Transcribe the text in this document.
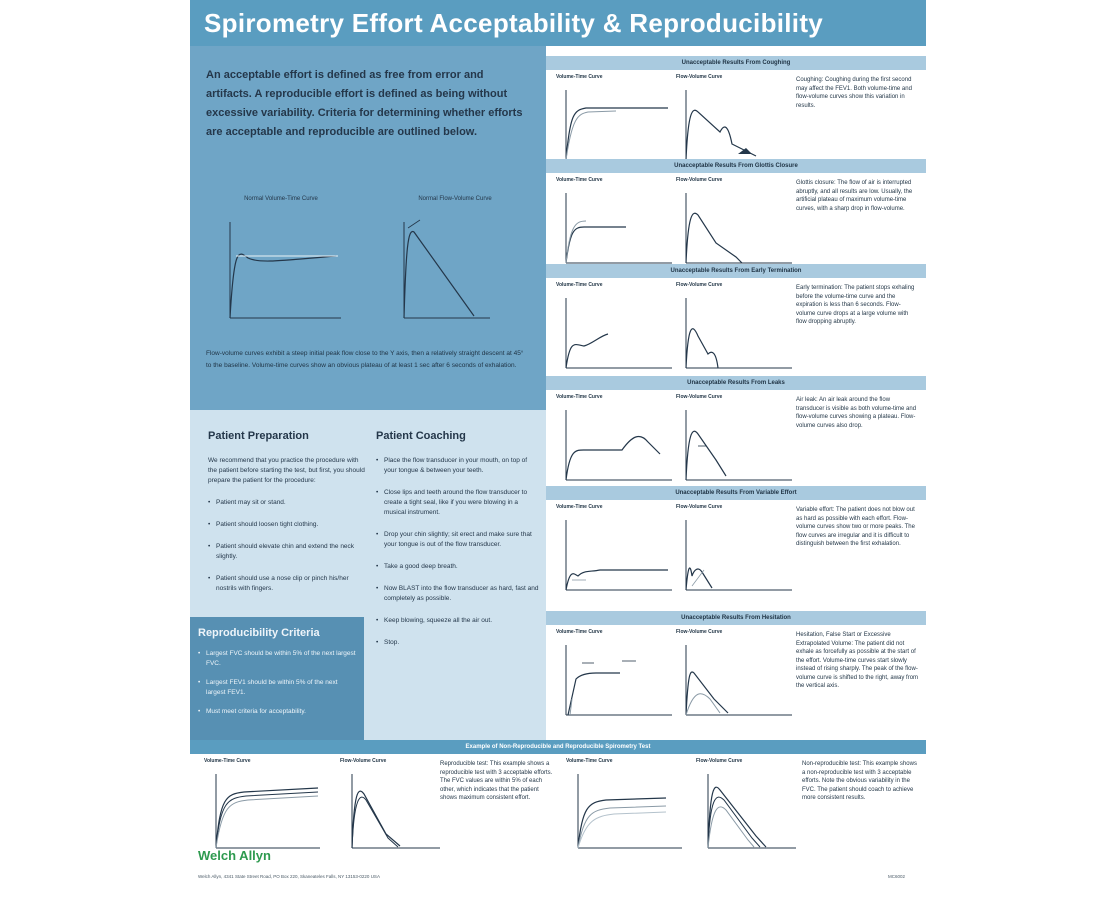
Spirometry Effort Acceptability & Reproducibility

An acceptable effort is defined as free from error and artifacts. A reproducible effort is defined as being without excessive variability. Criteria for determining whether efforts are acceptable and reproducible are outlined below.

Normal Volume-Time Curve	Normal Flow-Volume Curve

Flow-volume curves exhibit a steep initial peak flow close to the Y axis, then a relatively straight descent at 45° to the baseline. Volume-time curves show an obvious plateau of at least 1 sec after 6 seconds of exhalation.

Patient Preparation

We recommend that you practice the procedure with the patient before starting the test, but first, you should prepare the patient for the procedure:

• Patient may sit or stand.
• Patient should loosen tight clothing.
• Patient should elevate chin and extend the neck slightly.
• Patient should use a nose clip or pinch his/her nostrils with fingers.
Patient Coaching
• Place the flow transducer in your mouth, on top of your tongue & between your teeth.
• Close lips and teeth around the flow transducer to create a tight seal, like if you were blowing in a musical instrument.
• Drop your chin slightly; sit erect and make sure that your tongue is out of the flow transducer.
• Take a good deep breath.
• Now BLAST into the flow transducer as hard, fast and completely as possible.
• Keep blowing, squeeze all the air out.
• Stop.
Reproducibility Criteria
• Largest FVC should be within 5% of the next largest FVC.
• Largest FEV1 should be within 5% of the next largest FEV1.
• Must meet criteria for acceptability.
Unacceptable Results From Coughing
Volume-Time Curve	Flow-Volume Curve	Coughing: Coughing during the first second may affect the FEV1. Both volume-time and flow-volume curves show this variation in results.

Unacceptable Results From Glottis Closure
Volume-Time Curve	Flow-Volume Curve	Glottis closure: The flow of air is interrupted abruptly, and all results are low. Usually, the artificial plateau of maximum volume-time curves, with a sharp drop in flow-volume.

Unacceptable Results From Early Termination
Volume-Time Curve	Flow-Volume Curve	Early termination: The patient stops exhaling before the volume-time curve and the expiration is less than 6 seconds. Flow-volume curve drops at a large volume with flow dropping abruptly.

Unacceptable Results From Leaks
Volume-Time Curve	Flow-Volume Curve	Air leak: An air leak around the flow transducer is visible as both volume-time and flow-volume curves showing a plateau. Flow-volume curves also drop.

Unacceptable Results From Variable Effort
Volume-Time Curve	Flow-Volume Curve	Variable effort: The patient does not blow out as hard as possible with each effort. Flow-volume curves show two or more peaks. The flow curves are irregular and it is difficult to distinguish between the first exhalation.

Unacceptable Results From Hesitation
Volume-Time Curve	Flow-Volume Curve	Hesitation, False Start or Excessive Extrapolated Volume: The patient did not exhale as forcefully as possible at the start of the effort. Volume-time curves start slowly instead of rising sharply. The peak of the flow-volume curve is shifted to the right, away from the vertical axis.

Example of Non-Reproducible and Reproducible Spirometry Test
Volume-Time Curve	Flow-Volume Curve	Reproducible test: This example shows a reproducible test with 3 acceptable efforts. The FVC values are within 5% of each other, which indicates that the patient shows maximum consistent effort.

Volume-Time Curve	Flow-Volume Curve	Non-reproducible test: This example shows a non-reproducible test with 3 acceptable efforts. Note the obvious variability in the FVC. The patient should coach to achieve more consistent results.

Welch Allyn
Welch Allyn, 4341 State Street Road, PO Box 220, Skaneateles Falls, NY 13153-0220 USA	MC6002
